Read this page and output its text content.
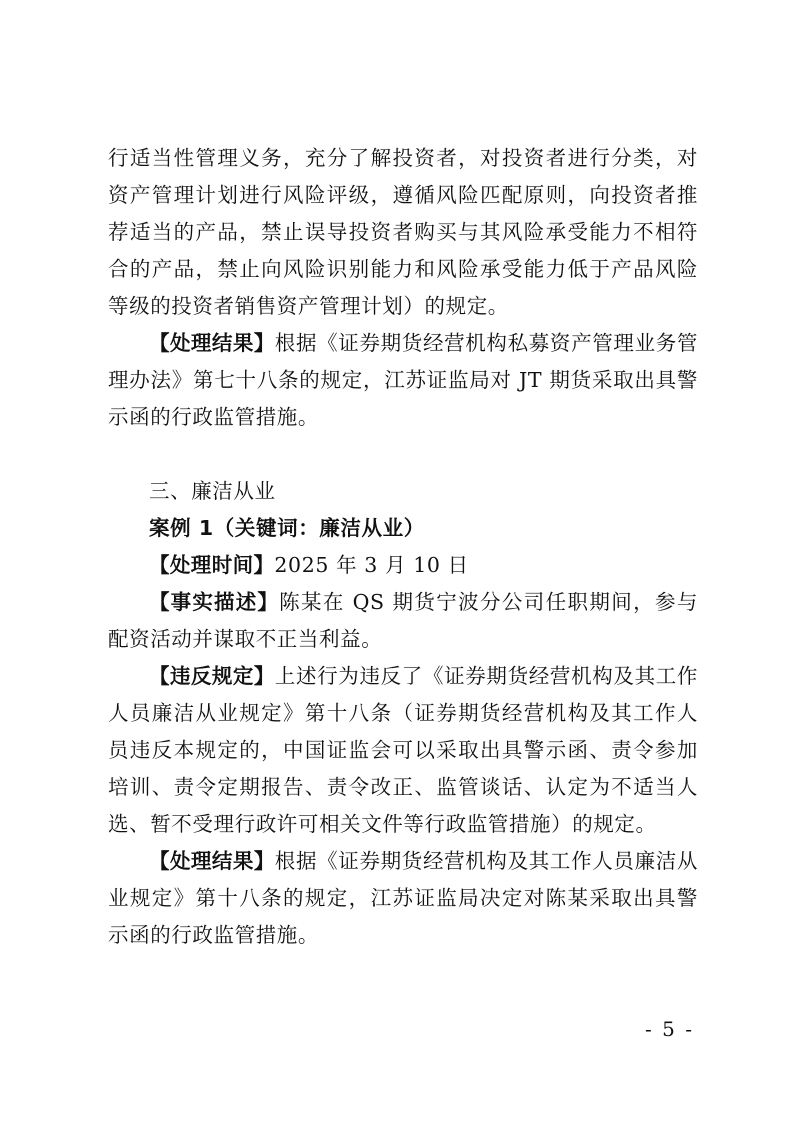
行适当性管理义务，充分了解投资者，对投资者进行分类，对资产管理计划进行风险评级，遵循风险匹配原则，向投资者推荐适当的产品，禁止误导投资者购买与其风险承受能力不相符合的产品，禁止向风险识别能力和风险承受能力低于产品风险等级的投资者销售资产管理计划）的规定。

【处理结果】根据《证券期货经营机构私募资产管理业务管理办法》第七十八条的规定，江苏证监局对 JT 期货采取出具警示函的行政监管措施。

三、廉洁从业

案例 1（关键词：廉洁从业）

【处理时间】2025 年 3 月 10 日

【事实描述】陈某在 QS 期货宁波分公司任职期间，参与配资活动并谋取不正当利益。

【违反规定】上述行为违反了《证券期货经营机构及其工作人员廉洁从业规定》第十八条（证券期货经营机构及其工作人员违反本规定的，中国证监会可以采取出具警示函、责令参加培训、责令定期报告、责令改正、监管谈话、认定为不适当人选、暂不受理行政许可相关文件等行政监管措施）的规定。

【处理结果】根据《证券期货经营机构及其工作人员廉洁从业规定》第十八条的规定，江苏证监局决定对陈某采取出具警示函的行政监管措施。

- 5 -
